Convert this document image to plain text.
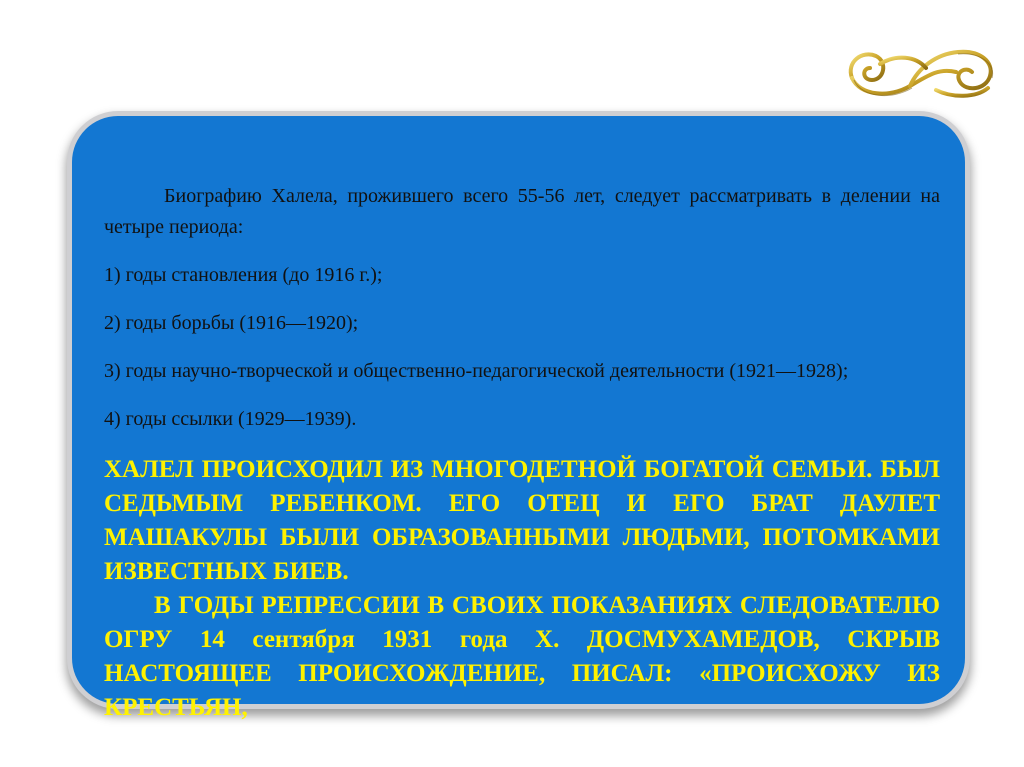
Биографию Халела, прожившего всего 55-56 лет, следует рассматривать в делении на четыре периода:

1) годы становления (до 1916 г.);

2) годы борьбы (1916—1920);

3) годы научно-творческой и общественно-педагогической деятельности (1921—1928);

4) годы ссылки (1929—1939).

ХАЛЕЛ ПРОИСХОДИЛ ИЗ МНОГОДЕТНОЙ БОГАТОЙ СЕМЬИ. БЫЛ СЕДЬМЫМ РЕБЕНКОМ. ЕГО ОТЕЦ И ЕГО БРАТ ДАУЛЕТ МАШАКУЛЫ БЫЛИ ОБРАЗОВАННЫМИ ЛЮДЬМИ, ПОТОМКАМИ ИЗВЕСТНЫХ БИЕВ.

В ГОДЫ РЕПРЕССИИ В СВОИХ ПОКАЗАНИЯХ СЛЕДОВАТЕЛЮ ОГРУ 14 сентября 1931 года Х. ДОСМУХАМЕДОВ, СКРЫВ НАСТОЯЩЕЕ ПРОИСХОЖДЕНИЕ, ПИСАЛ: «ПРОИСХОЖУ ИЗ КРЕСТЬЯН,
